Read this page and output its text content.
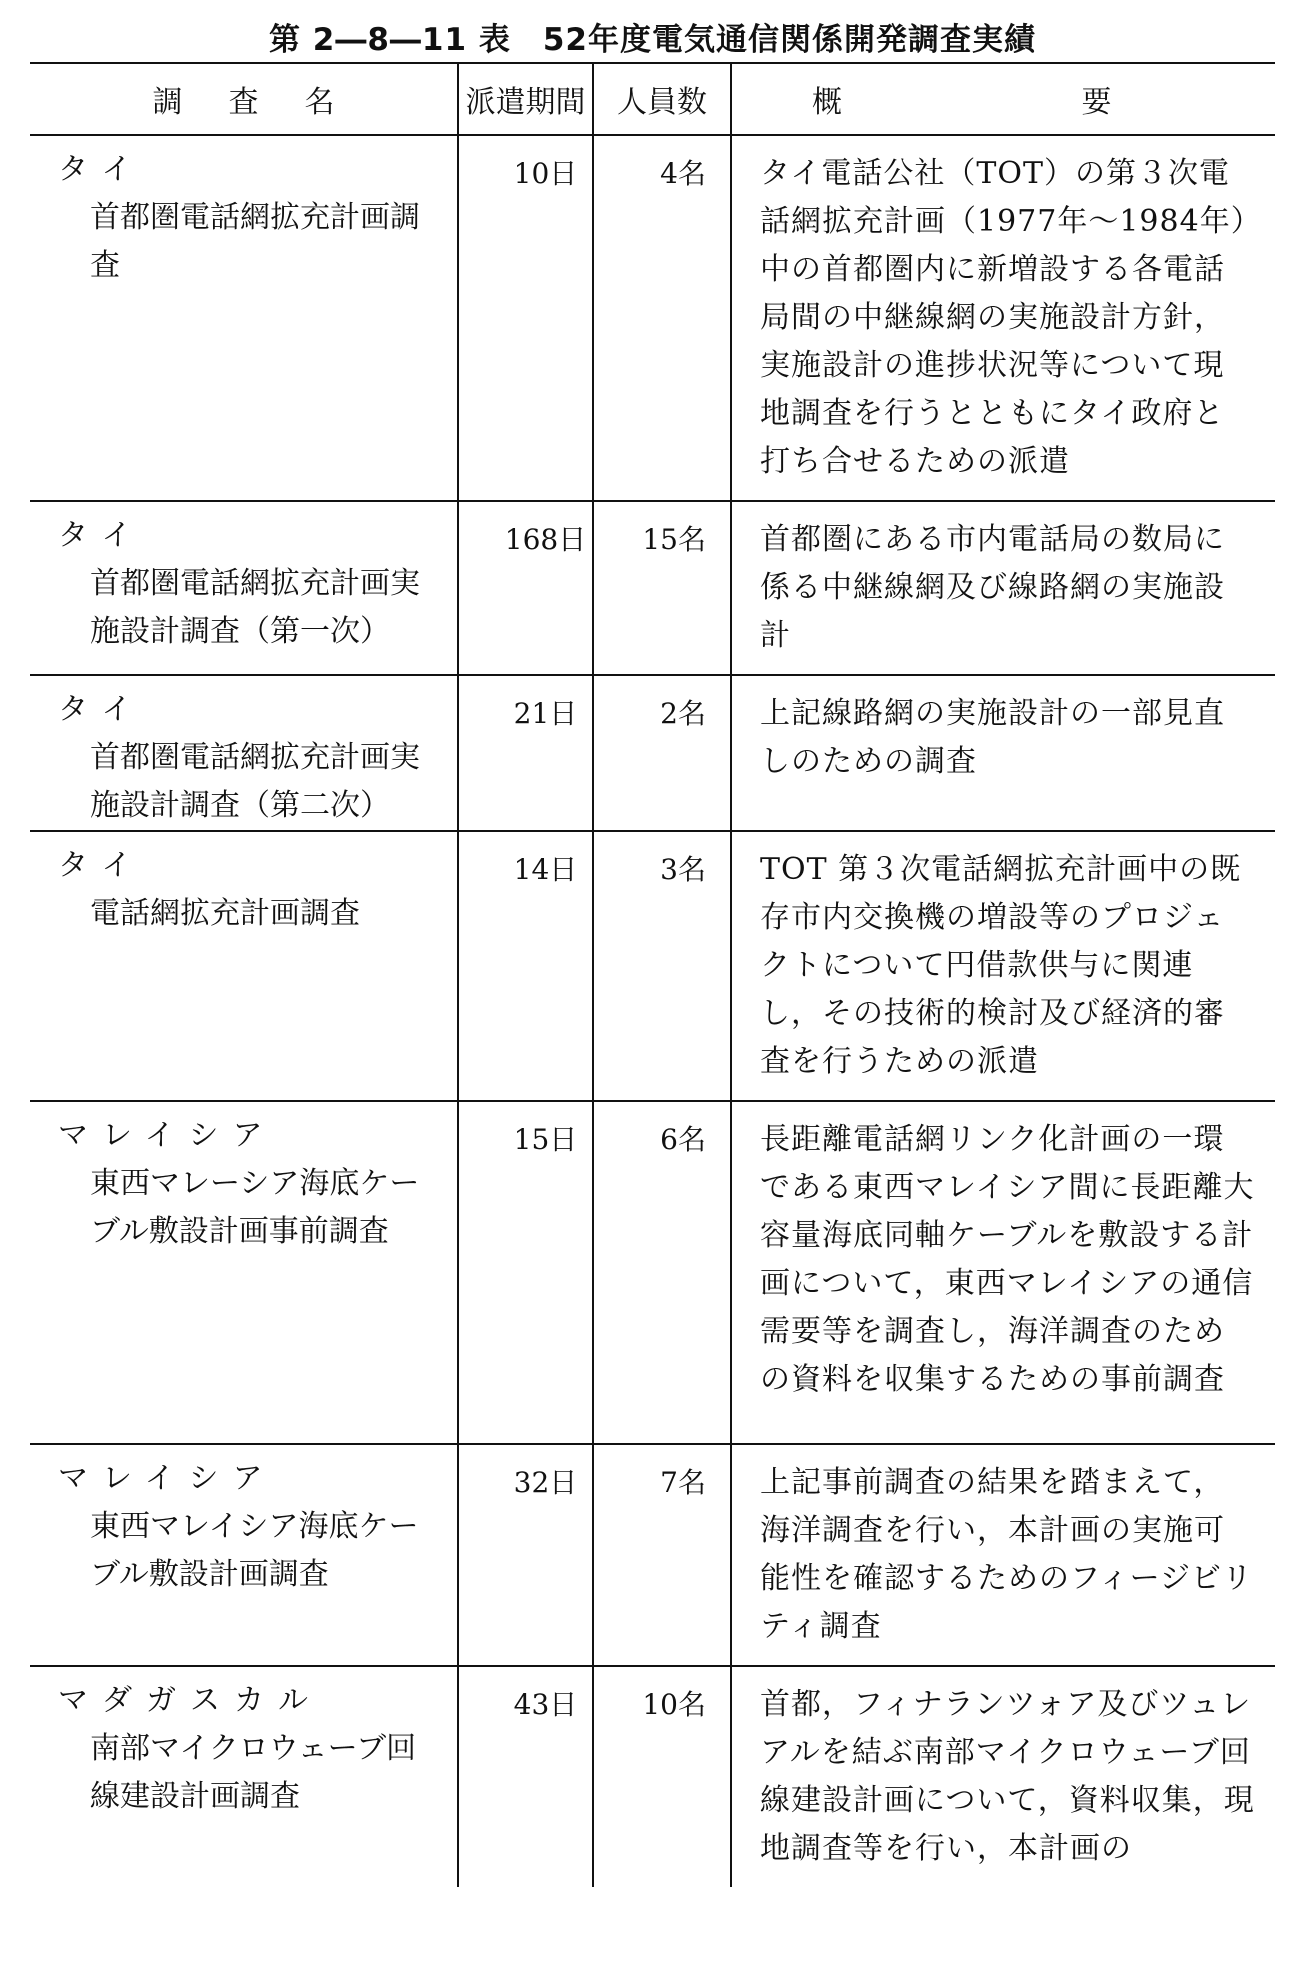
第 2―8―11 表　52年度電気通信関係開発調査実績
調査名	派遣期間	人員数	概 要

タイ
首都圏電話網拡充計画調査	10日	4名	タイ電話公社（TOT）の第３次電話網拡充計画（1977年〜1984年）中の首都圏内に新増設する各電話局間の中継線網の実施設計方針，実施設計の進捗状況等について現地調査を行うとともにタイ政府と打ち合せるための派遣

タイ
首都圏電話網拡充計画実施設計調査（第一次）	168日	15名	首都圏にある市内電話局の数局に係る中継線網及び線路網の実施設計

タイ
首都圏電話網拡充計画実施設計調査（第二次）	21日	2名	上記線路網の実施設計の一部見直しのための調査

タイ
電話網拡充計画調査	14日	3名	TOT 第３次電話網拡充計画中の既存市内交換機の増設等のプロジェクトについて円借款供与に関連し，その技術的検討及び経済的審査を行うための派遣

マレイシア
東西マレーシア海底ケーブル敷設計画事前調査	15日	6名	長距離電話網リンク化計画の一環である東西マレイシア間に長距離大容量海底同軸ケーブルを敷設する計画について，東西マレイシアの通信需要等を調査し，海洋調査のための資料を収集するための事前調査

マレイシア
東西マレイシア海底ケーブル敷設計画調査	32日	7名	上記事前調査の結果を踏まえて，海洋調査を行い，本計画の実施可能性を確認するためのフィージビリティ調査

マダガスカル
南部マイクロウェーブ回線建設計画調査	43日	10名	首都，フィナランツォア及びツュレアルを結ぶ南部マイクロウェーブ回線建設計画について，資料収集，現地調査等を行い，本計画の
